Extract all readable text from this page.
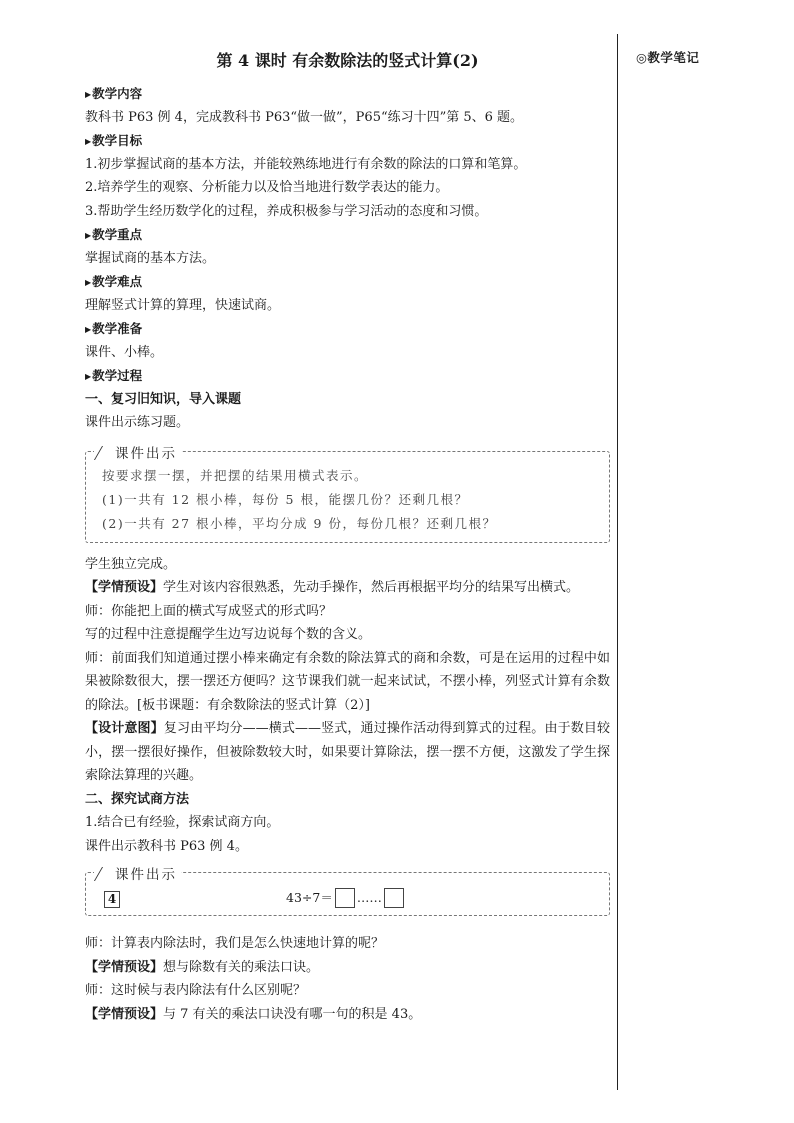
◎教学笔记
第 4 课时 有余数除法的竖式计算(2)
▶教学内容
教科书 P63 例 4，完成教科书 P63“做一做”，P65“练习十四”第 5、6 题。
▶教学目标
1.初步掌握试商的基本方法，并能较熟练地进行有余数的除法的口算和笔算。
2.培养学生的观察、分析能力以及恰当地进行数学表达的能力。
3.帮助学生经历数学化的过程，养成积极参与学习活动的态度和习惯。
▶教学重点
掌握试商的基本方法。
▶教学难点
理解竖式计算的算理，快速试商。
▶教学准备
课件、小棒。
▶教学过程
一、复习旧知识，导入课题
课件出示练习题。
课件出示
按要求摆一摆，并把摆的结果用横式表示。
(1)一共有 12 根小棒，每份 5 根，能摆几份？还剩几根？
(2)一共有 27 根小棒，平均分成 9 份，每份几根？还剩几根？
学生独立完成。

【学情预设】学生对该内容很熟悉，先动手操作，然后再根据平均分的结果写出横式。

师：你能把上面的横式写成竖式的形式吗？
写的过程中注意提醒学生边写边说每个数的含义。

师：前面我们知道通过摆小棒来确定有余数的除法算式的商和余数，可是在运用的过程中如果被除数很大，摆一摆还方便吗？这节课我们就一起来试试，不摆小棒，列竖式计算有余数的除法。[板书课题：有余数除法的竖式计算（2）]

【设计意图】复习由平均分——横式——竖式，通过操作活动得到算式的过程。由于数目较小，摆一摆很好操作，但被除数较大时，如果要计算除法，摆一摆不方便，这激发了学生探索除法算理的兴趣。

二、探究试商方法
1.结合已有经验，探索试商方向。
课件出示教科书 P63 例 4。
课件出示
4	43÷7＝ ……
师：计算表内除法时，我们是怎么快速地计算的呢？
【学情预设】想与除数有关的乘法口诀。
师：这时候与表内除法有什么区别呢？
【学情预设】与 7 有关的乘法口诀没有哪一句的积是 43。
